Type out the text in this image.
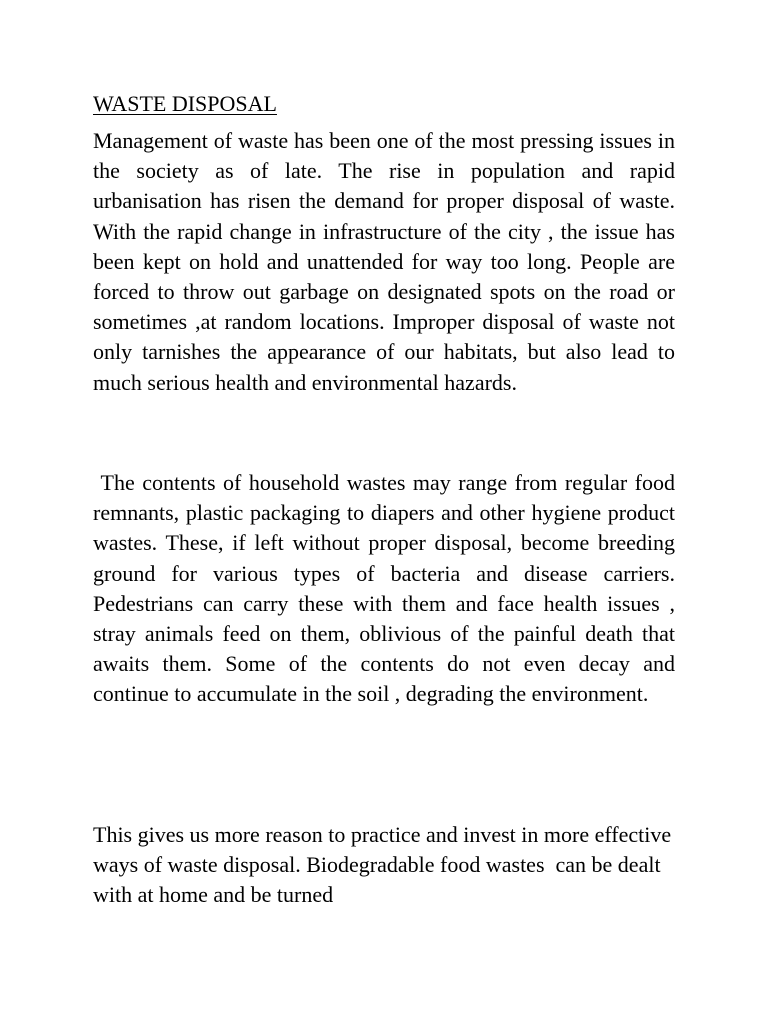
WASTE DISPOSAL

Management of waste has been one of the most pressing issues in the society as of late. The rise in population and rapid urbanisation has risen the demand for proper disposal of waste. With the rapid change in infrastructure of the city , the issue has been kept on hold and unattended for way too long. People are forced to throw out garbage on designated spots on the road or sometimes ,at random locations. Improper disposal of waste not only tarnishes the appearance of our habitats, but also lead to much serious health and environmental hazards.

The contents of household wastes may range from regular food remnants, plastic packaging to diapers and other hygiene product wastes. These, if left without proper disposal, become breeding ground for various types of bacteria and disease carriers. Pedestrians can carry these with them and face health issues , stray animals feed on them, oblivious of the painful death that awaits them. Some of the contents do not even decay and continue to accumulate in the soil , degrading the environment.

This gives us more reason to practice and invest in more effective  ways of waste disposal. Biodegradable food wastes  can be dealt with at home and be turned
